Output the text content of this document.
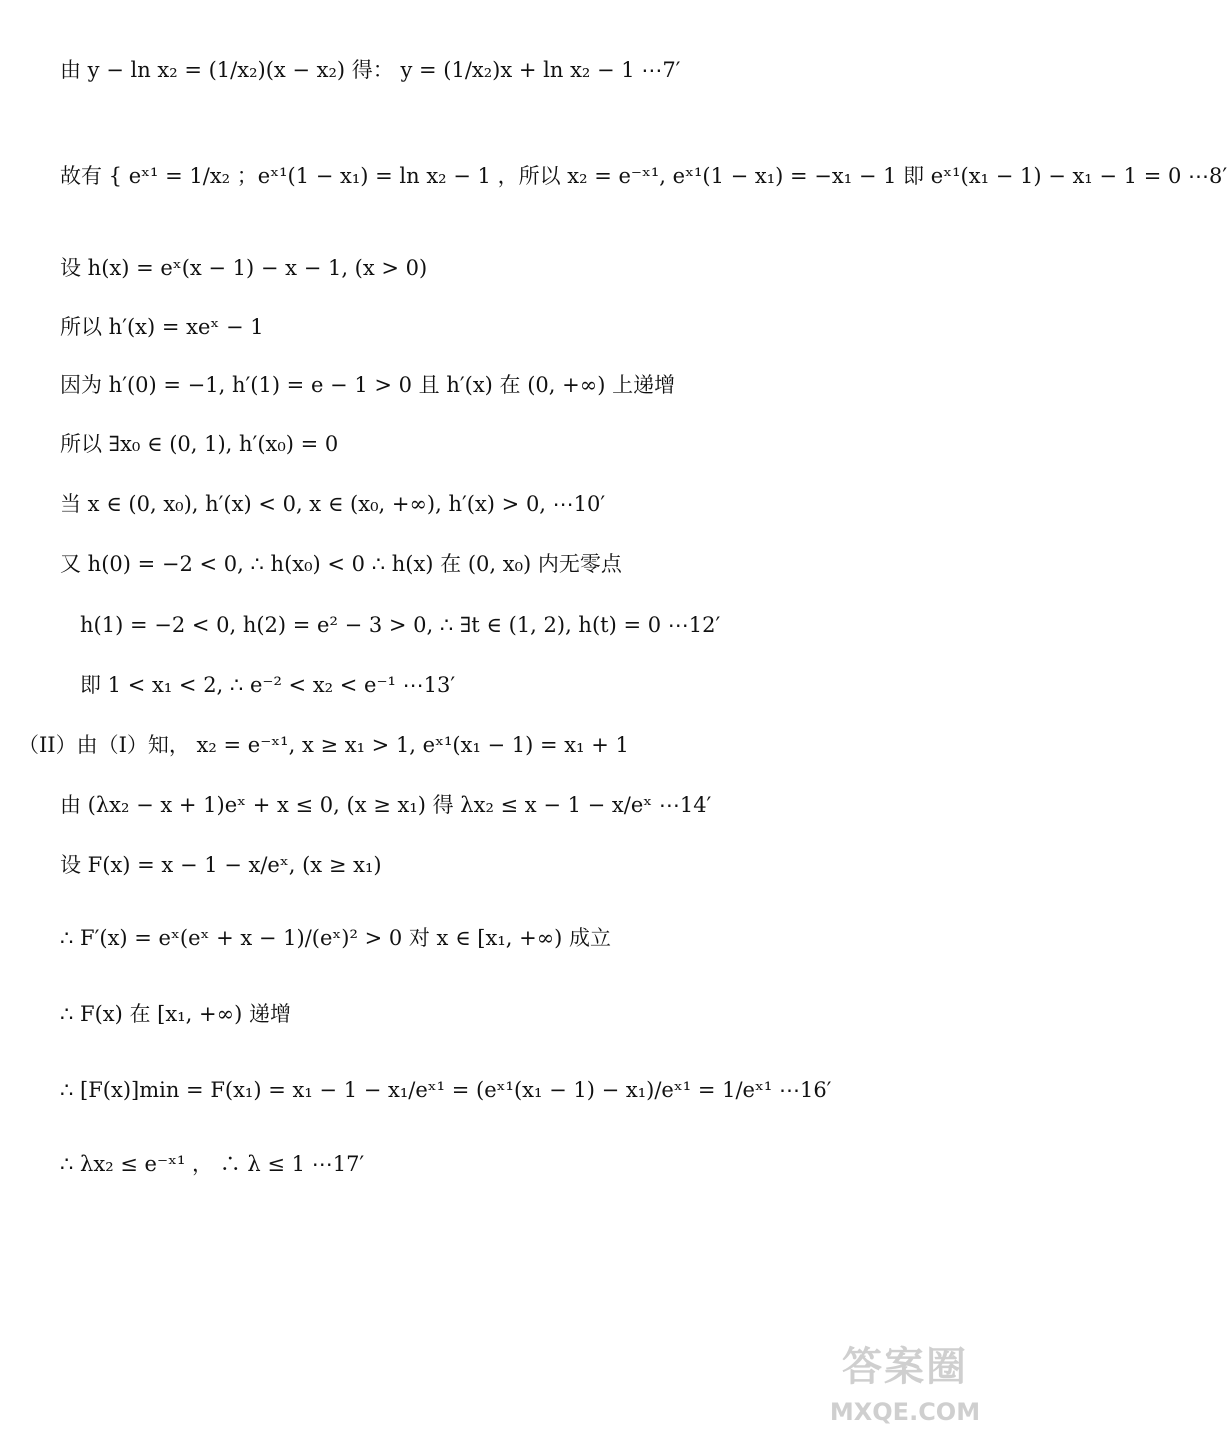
由 y − ln x₂ = (1/x₂)(x − x₂) 得： y = (1/x₂)x + ln x₂ − 1 ⋯7′
故有 { eˣ¹ = 1/x₂ ；eˣ¹(1 − x₁) = ln x₂ − 1 ，所以 x₂ = e⁻ˣ¹, eˣ¹(1 − x₁) = −x₁ − 1 即 eˣ¹(x₁ − 1) − x₁ − 1 = 0 ⋯8′
设 h(x) = eˣ(x − 1) − x − 1, (x > 0)
所以 h′(x) = xeˣ − 1
因为 h′(0) = −1, h′(1) = e − 1 > 0 且 h′(x) 在 (0, +∞) 上递增
所以 ∃x₀ ∈ (0, 1), h′(x₀) = 0
当 x ∈ (0, x₀), h′(x) < 0, x ∈ (x₀, +∞), h′(x) > 0, ⋯10′
又 h(0) = −2 < 0, ∴ h(x₀) < 0 ∴ h(x) 在 (0, x₀) 内无零点
h(1) = −2 < 0, h(2) = e² − 3 > 0, ∴ ∃t ∈ (1, 2), h(t) = 0 ⋯12′
即 1 < x₁ < 2, ∴ e⁻² < x₂ < e⁻¹ ⋯13′
（II）由（I）知， x₂ = e⁻ˣ¹, x ≥ x₁ > 1, eˣ¹(x₁ − 1) = x₁ + 1
由 (λx₂ − x + 1)eˣ + x ≤ 0, (x ≥ x₁) 得 λx₂ ≤ x − 1 − x/eˣ ⋯14′
设 F(x) = x − 1 − x/eˣ, (x ≥ x₁)
∴ F′(x) = eˣ(eˣ + x − 1)/(eˣ)² > 0 对 x ∈ [x₁, +∞) 成立
∴ F(x) 在 [x₁, +∞) 递增
∴ [F(x)]min = F(x₁) = x₁ − 1 − x₁/eˣ¹ = (eˣ¹(x₁ − 1) − x₁)/eˣ¹ = 1/eˣ¹ ⋯16′
∴ λx₂ ≤ e⁻ˣ¹ ， ∴ λ ≤ 1 ⋯17′
答案圈
MXQE.COM
